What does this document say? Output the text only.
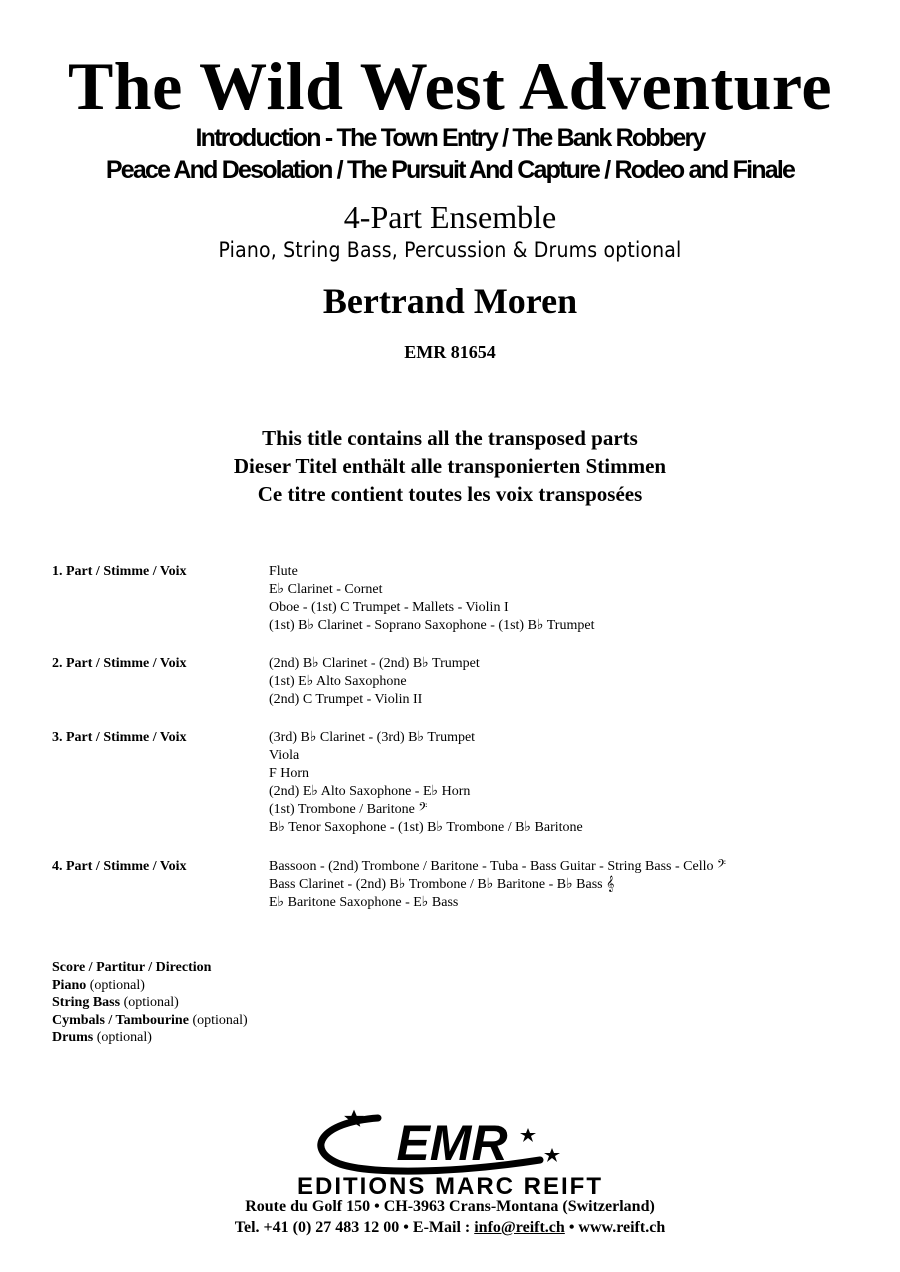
The Wild West Adventure
Introduction - The Town Entry / The Bank Robbery
Peace And Desolation / The Pursuit And Capture / Rodeo and Finale
4-Part Ensemble
Piano, String Bass, Percussion & Drums optional
Bertrand Moren
EMR 81654
This title contains all the transposed parts
Dieser Titel enthält alle transponierten Stimmen
Ce titre contient toutes les voix transposées
1. Part / Stimme / Voix	Flute
E♭ Clarinet - Cornet
Oboe - (1st) C Trumpet - Mallets - Violin I
(1st) B♭ Clarinet - Soprano Saxophone - (1st) B♭ Trumpet
2. Part / Stimme / Voix	(2nd) B♭ Clarinet - (2nd) B♭ Trumpet
(1st) E♭ Alto Saxophone
(2nd) C Trumpet - Violin II
3. Part / Stimme / Voix	(3rd) B♭ Clarinet - (3rd) B♭ Trumpet
Viola
F Horn
(2nd) E♭ Alto Saxophone - E♭ Horn
(1st) Trombone / Baritone 𝄢
B♭ Tenor Saxophone - (1st) B♭ Trombone / B♭ Baritone
4. Part / Stimme / Voix	Bassoon - (2nd) Trombone / Baritone - Tuba - Bass Guitar - String Bass - Cello 𝄢
Bass Clarinet - (2nd) B♭ Trombone / B♭ Baritone - B♭ Bass 𝄞
E♭ Baritone Saxophone - E♭ Bass
Score / Partitur / Direction
Piano (optional)
String Bass (optional)
Cymbals / Tambourine (optional)
Drums (optional)
EMR
EDITIONS MARC REIFT
Route du Golf 150 • CH-3963 Crans-Montana (Switzerland)
Tel. +41 (0) 27 483 12 00 • E-Mail : info@reift.ch • www.reift.ch
